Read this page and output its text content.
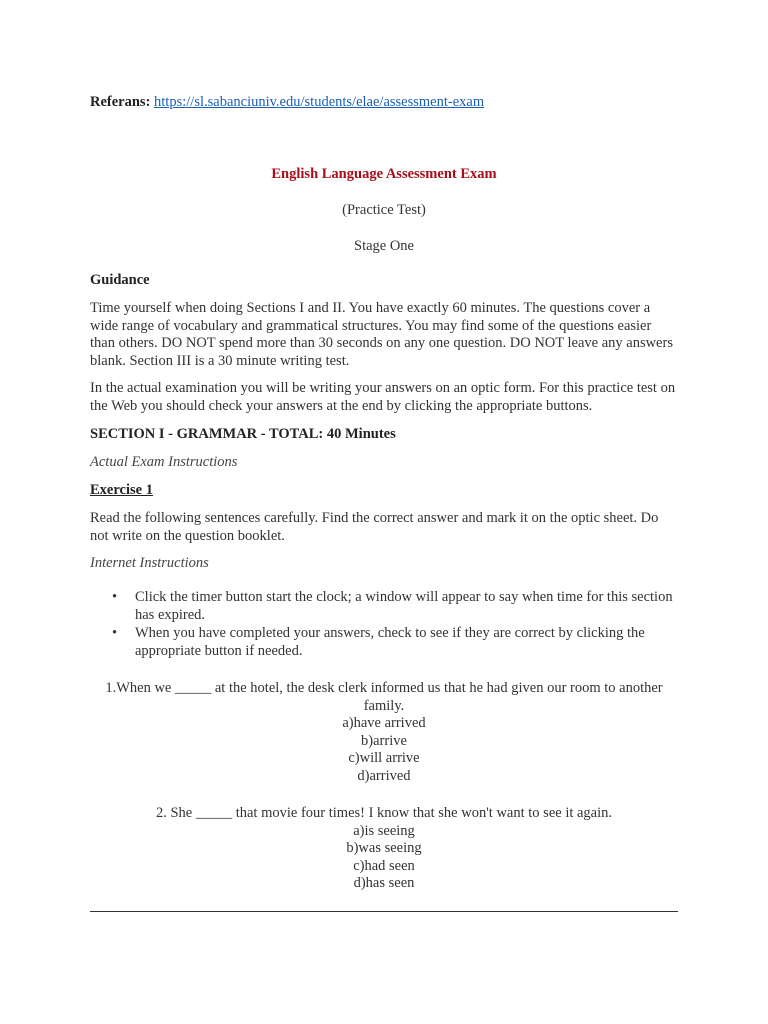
Referans: https://sl.sabanciuniv.edu/students/elae/assessment-exam
English Language Assessment Exam
(Practice Test)
Stage One
Guidance
Time yourself when doing Sections I and II. You have exactly 60 minutes. The questions cover a wide range of vocabulary and grammatical structures. You may find some of the questions easier than others. DO NOT spend more than 30 seconds on any one question. DO NOT leave any answers blank. Section III is a 30 minute writing test.
In the actual examination you will be writing your answers on an optic form. For this practice test on the Web you should check your answers at the end by clicking the appropriate buttons.
SECTION I - GRAMMAR - TOTAL: 40 Minutes
Actual Exam Instructions
Exercise 1
Read the following sentences carefully. Find the correct answer and mark it on the optic sheet. Do not write on the question booklet.
Internet Instructions
• Click the timer button start the clock; a window will appear to say when time for this section has expired.
• When you have completed your answers, check to see if they are correct by clicking the appropriate button if needed.
1.When we _____ at the hotel, the desk clerk informed us that he had given our room to another family.
a)have arrived
b)arrive
c)will arrive
d)arrived
2. She _____ that movie four times! I know that she won't want to see it again.
a)is seeing
b)was seeing
c)had seen
d)has seen
